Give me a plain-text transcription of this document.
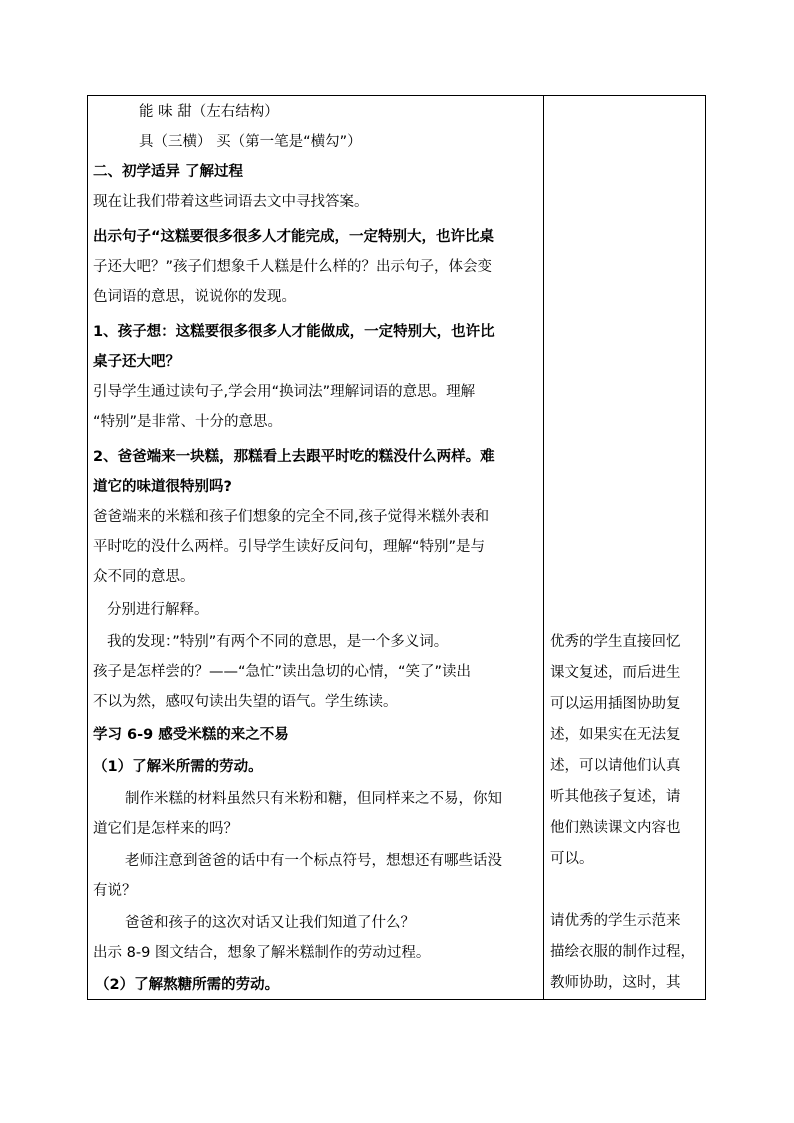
能 味 甜（左右结构）
具（三横） 买（第一笔是“横勾”）
二、初学适异 了解过程
现在让我们带着这些词语去文中寻找答案。
出示句子“这糕要很多很多人才能完成，一定特别大，也许比桌
子还大吧？”孩子们想象千人糕是什么样的？出示句子，体会变
色词语的意思，说说你的发现。
1、孩子想：这糕要很多很多人才能做成，一定特别大，也许比
桌子还大吧？
引导学生通过读句子,学会用“换词法”理解词语的意思。理解
“特别”是非常、十分的意思。
2、爸爸端来一块糕，那糕看上去跟平时吃的糕没什么两样。难
道它的味道很特别吗?
爸爸端来的米糕和孩子们想象的完全不同,孩子觉得米糕外表和
平时吃的没什么两样。引导学生读好反问句，理解“特别”是与
众不同的意思。
分别进行解释。
我的发现：”特别”有两个不同的意思，是一个多义词。
孩子是怎样尝的？——“急忙”读出急切的心情，“笑了”读出
不以为然，感叹句读出失望的语气。学生练读。
学习 6-9 感受米糕的来之不易
（1）了解米所需的劳动。
制作米糕的材料虽然只有米粉和糖，但同样来之不易，你知
道它们是怎样来的吗？
老师注意到爸爸的话中有一个标点符号，想想还有哪些话没
有说？
爸爸和孩子的这次对话又让我们知道了什么？
出示 8-9 图文结合，想象了解米糕制作的劳动过程。
（2）了解熬糖所需的劳动。
优秀的学生直接回忆
课文复述，而后进生
可以运用插图协助复
述，如果实在无法复
述，可以请他们认真
听其他孩子复述，请
他们熟读课文内容也
可以。
请优秀的学生示范来
描绘衣服的制作过程，
教师协助，这时，其
